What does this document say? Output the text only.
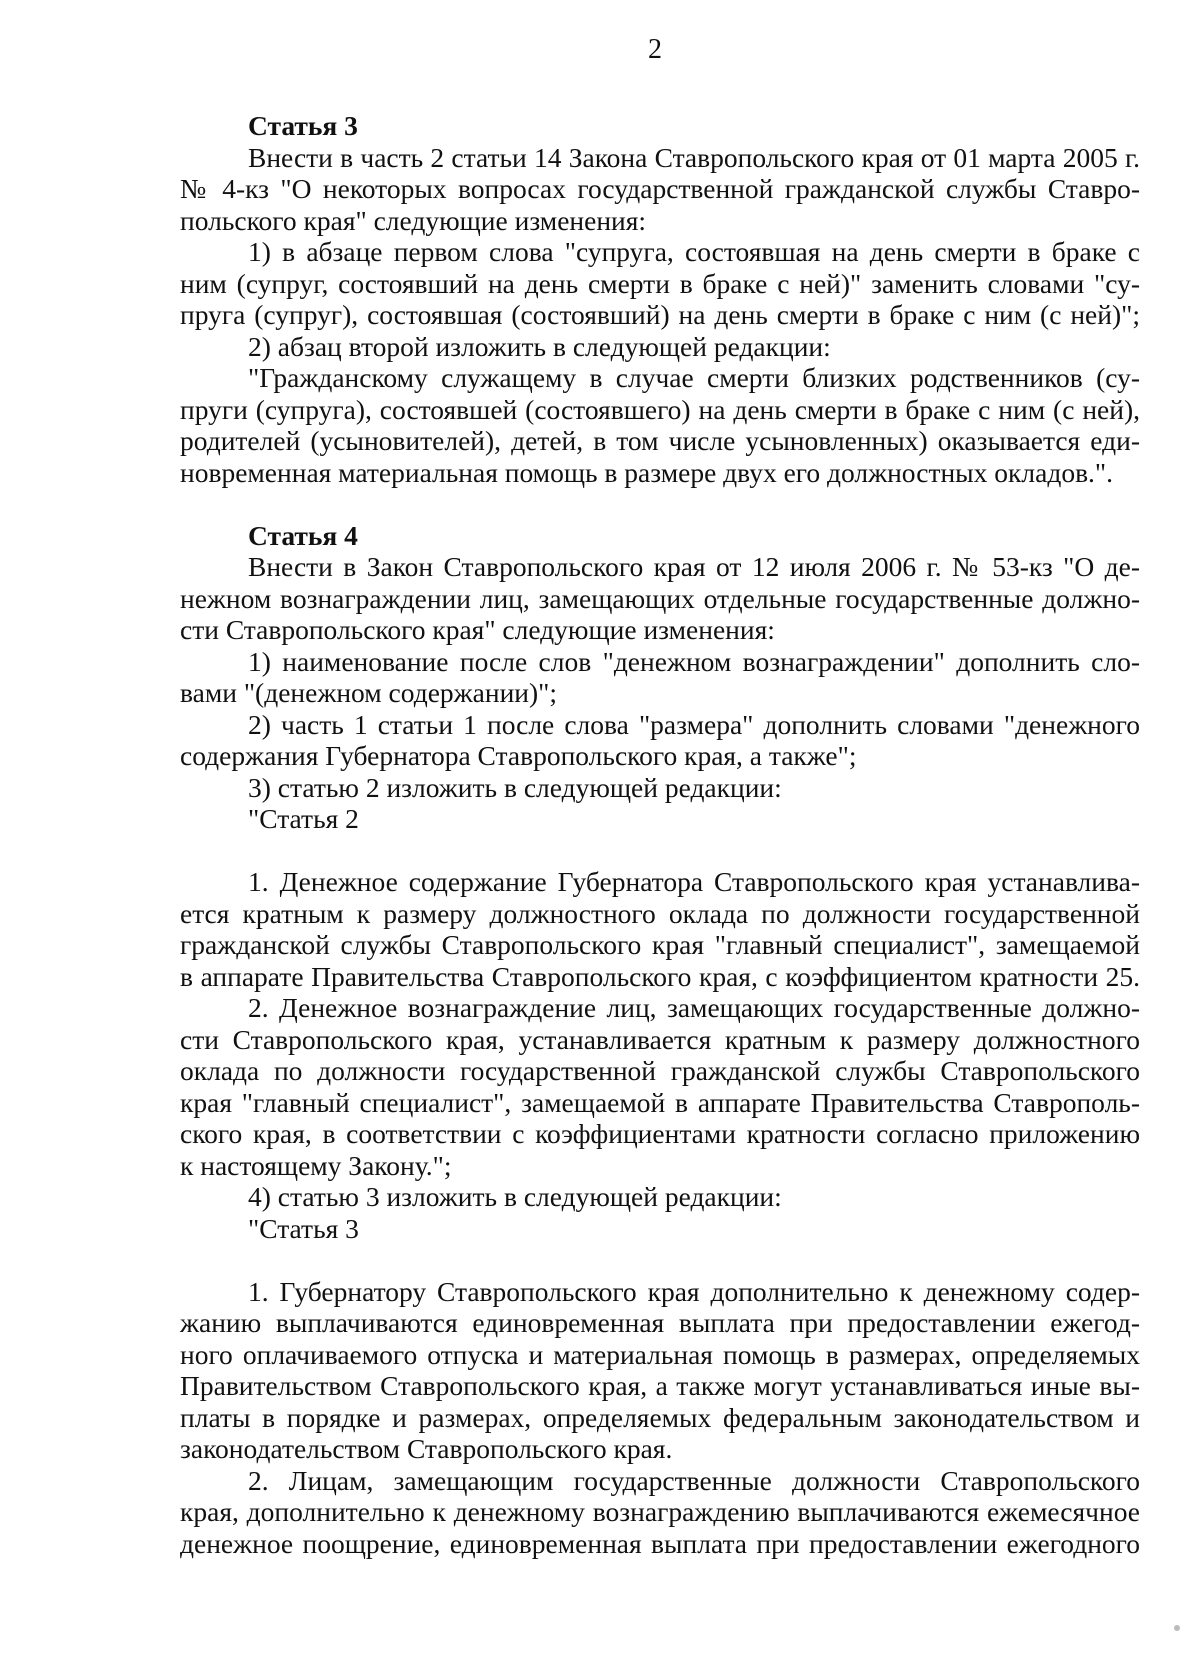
2

Статья 3

Внести в часть 2 статьи 14 Закона Ставропольского края от 01 марта 2005 г.

№ 4-кз "О некоторых вопросах государственной гражданской службы Ставро-

польского края" следующие изменения:

1) в абзаце первом слова "супруга, состоявшая на день смерти в браке с

ним (супруг, состоявший на день смерти в браке с ней)" заменить словами "су-

пруга (супруг), состоявшая (состоявший) на день смерти в браке с ним (с ней)";

2) абзац второй изложить в следующей редакции:

"Гражданскому служащему в случае смерти близких родственников (су-

пруги (супруга), состоявшей (состоявшего) на день смерти в браке с ним (с ней),

родителей (усыновителей), детей, в том числе усыновленных) оказывается еди-

новременная материальная помощь в размере двух его должностных окладов.".

Статья 4

Внести в Закон Ставропольского края от 12 июля 2006 г. № 53-кз "О де-

нежном вознаграждении лиц, замещающих отдельные государственные должно-

сти Ставропольского края" следующие изменения:

1) наименование после слов "денежном вознаграждении" дополнить сло-

вами "(денежном содержании)";

2) часть 1 статьи 1 после слова "размера" дополнить словами "денежного

содержания Губернатора Ставропольского края, а также";

3) статью 2 изложить в следующей редакции:

"Статья 2

1. Денежное содержание Губернатора Ставропольского края устанавлива-

ется кратным к размеру должностного оклада по должности государственной

гражданской службы Ставропольского края "главный специалист", замещаемой

в аппарате Правительства Ставропольского края, с коэффициентом кратности 25.

2. Денежное вознаграждение лиц, замещающих государственные должно-

сти Ставропольского края, устанавливается кратным к размеру должностного

оклада по должности государственной гражданской службы Ставропольского

края "главный специалист", замещаемой в аппарате Правительства Ставрополь-

ского края, в соответствии с коэффициентами кратности согласно приложению

к настоящему Закону.";

4) статью 3 изложить в следующей редакции:

"Статья 3

1. Губернатору Ставропольского края дополнительно к денежному содер-

жанию выплачиваются единовременная выплата при предоставлении ежегод-

ного оплачиваемого отпуска и материальная помощь в размерах, определяемых

Правительством Ставропольского края, а также могут устанавливаться иные вы-

платы в порядке и размерах, определяемых федеральным законодательством и

законодательством Ставропольского края.

2. Лицам, замещающим государственные должности Ставропольского

края, дополнительно к денежному вознаграждению выплачиваются ежемесячное

денежное поощрение, единовременная выплата при предоставлении ежегодного
